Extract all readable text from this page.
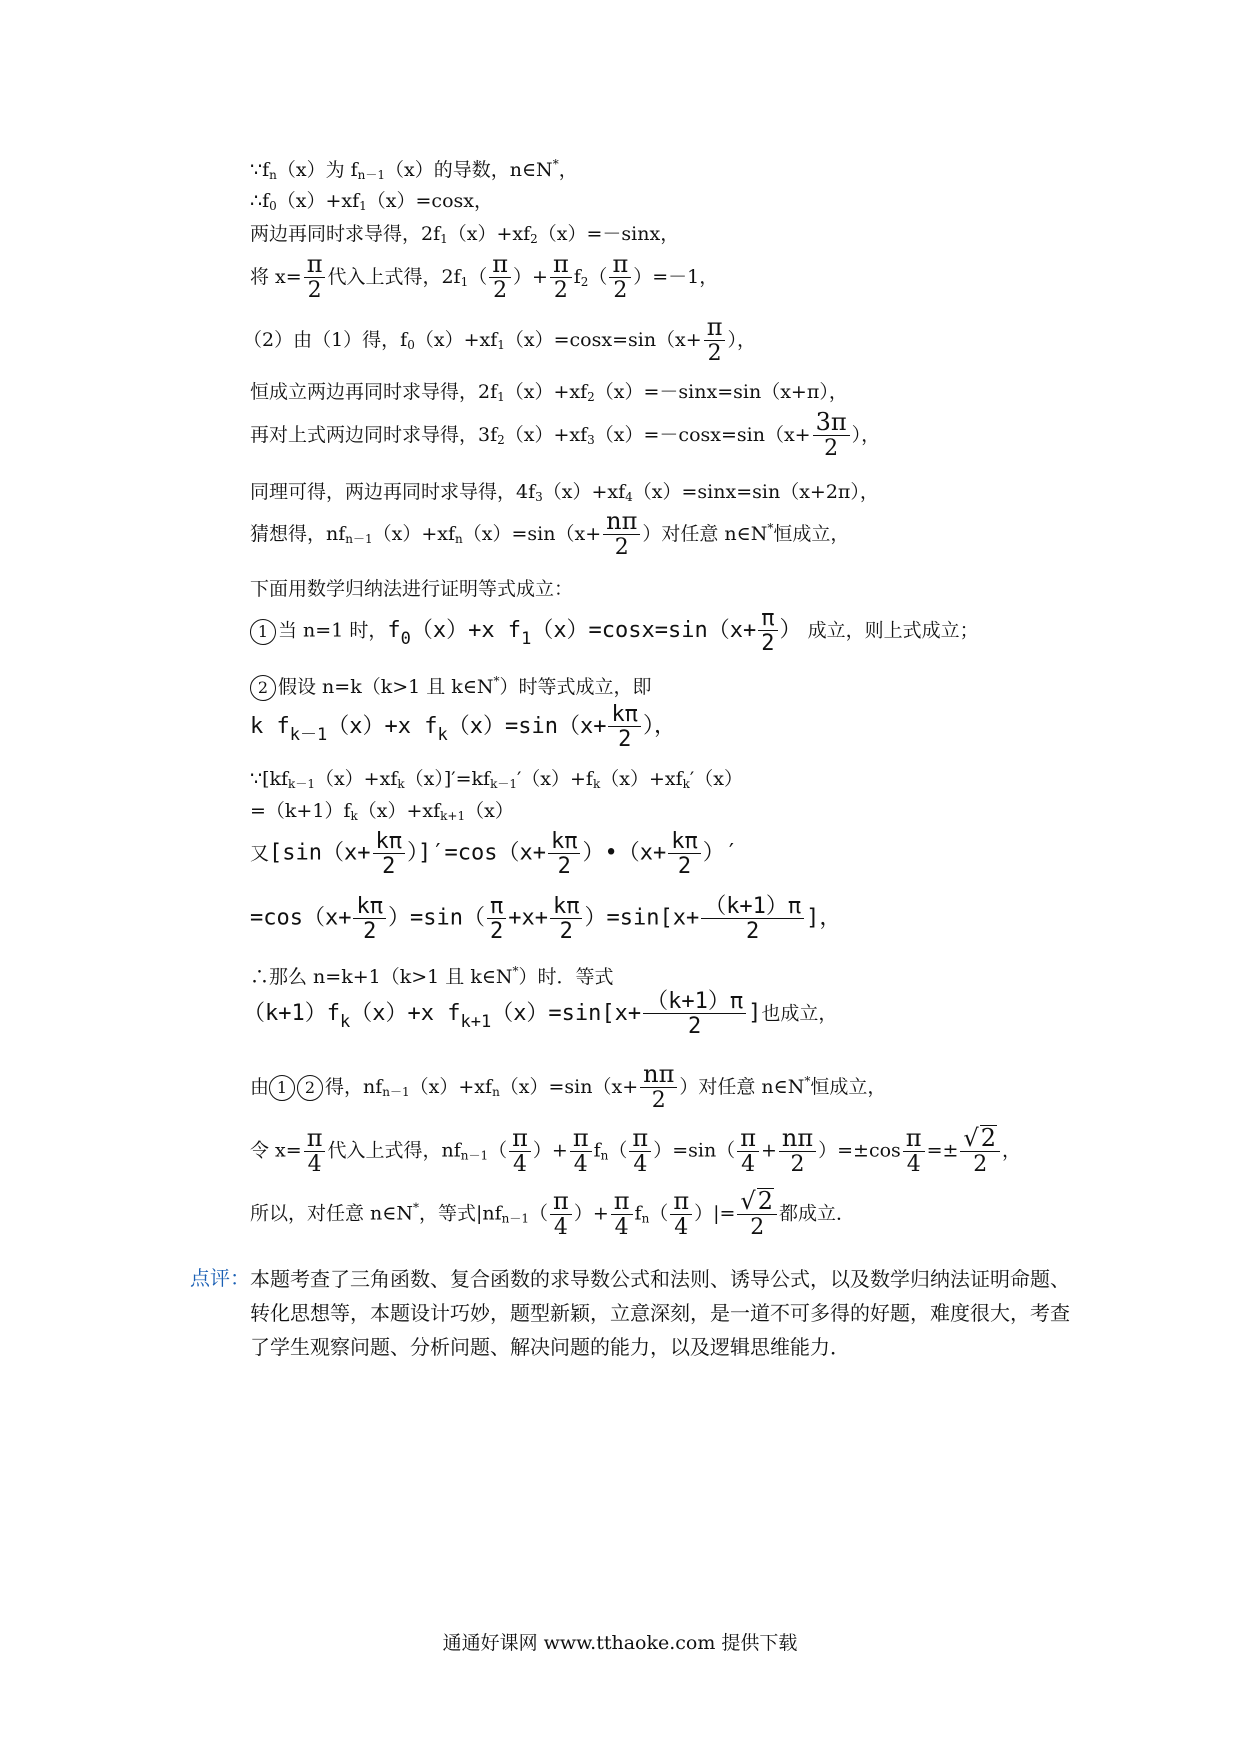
$\because f_n(x)$为 $f_{n-1}(x)$的导数，n∈N*，
$\therefore f_0(x)+xf_1(x)=\cos x$，
两边再同时求导得，$2f_1(x)+xf_2(x)=-\sin x$，
将 $x= \frac{\pi}{2}$ 代入上式得，$2f_1( \frac{\pi}{2}$ ）+ $\frac{\pi}{2} f_2( \frac{\pi}{2} )=-1$，
（2）由（1）得，$f_0(x)+xf_1(x)=\cos x=\sin(x+ \frac{\pi}{2}$ ），
恒成立两边再同时求导得，$2f_1(x)+xf_2(x)=-\sin x=\sin(x+\pi)$，
再对上式两边同时求导得，$3f_2(x)+xf_3(x)=-\cos x=\sin(x+ \frac{3\pi}{2}$ ），
同理可得，两边再同时求导得，$4f_3(x)+xf_4(x)=\sin x=\sin(x+2\pi)$，
猜想得，$nf_{n-1}(x)+xf_n(x)=\sin(x+ \frac{n\pi}{2}$ ）对任意 n∈N*恒成立，
下面用数学归纳法进行证明等式成立：
1 当 n=1 时，$f_0(x)+x$ $f_1(x)=\cos x=\sin(x+ \frac{\pi}{2}$ ） 成立，则上式成立；
2 假设 n=k（k>1 且 k∈N*）时等式成立，即
k $f_{k-1}(x)+x$ $f_k(x)=\sin(x+ \frac{k\pi}{2}$ ），
$\because[kf_{k-1}(x)+xf_k(x)]'=kf_{k-1}'(x)+f_k(x)+xf_k'(x)$
$=(k+1)f_k(x)+xf_{k+1}(x)$
又$[\sin(x+ \frac{k\pi}{2} )]'=\cos(x+ \frac{k\pi}{2}$ ）•（x+ $\frac{k\pi}{2}$ ）′
$=\cos(x+ \frac{k\pi}{2} )=\sin( \frac{\pi}{2} +x+ \frac{k\pi}{2} )=\sin[x+ \frac{(k+1)\pi}{2}$ ]，
∴那么 n=k+1（k>1 且 k∈N*）时．等式
$(k+1)f_k(x)+x$ $f_{k+1}(x)=\sin[x+ \frac{(k+1)\pi}{2}$ ]也成立，
由 1 2 得，$nf_{n-1}(x)+xf_n(x)=\sin(x+ \frac{n\pi}{2}$ ）对任意 n∈N*恒成立，
令 $x= \frac{\pi}{4}$ 代入上式得，$nf_{n-1}( \frac{\pi}{4}$ ）+ $\frac{\pi}{4} f_n( \frac{\pi}{4} )=\sin( \frac{\pi}{4} + \frac{n\pi}{2} )=\pm\cos \frac{\pi}{4} =\pm \frac{√2}{2}$ ，
所以，对任意 n∈N*，等式$|nf_{n-1}( \frac{\pi}{4}$ ）+ $\frac{\pi}{4} f_n( \frac{\pi}{4}$ ）|= $\frac{√2}{2}$ 都成立．
点评： 本题考查了三角函数、复合函数的求导数公式和法则、诱导公式，以及数学归纳法证明命题、转化思想等，本题设计巧妙，题型新颖，立意深刻，是一道不可多得的好题，难度很大，考查了学生观察问题、分析问题、解决问题的能力，以及逻辑思维能力．
通通好课网 www.tthaoke.com 提供下载
